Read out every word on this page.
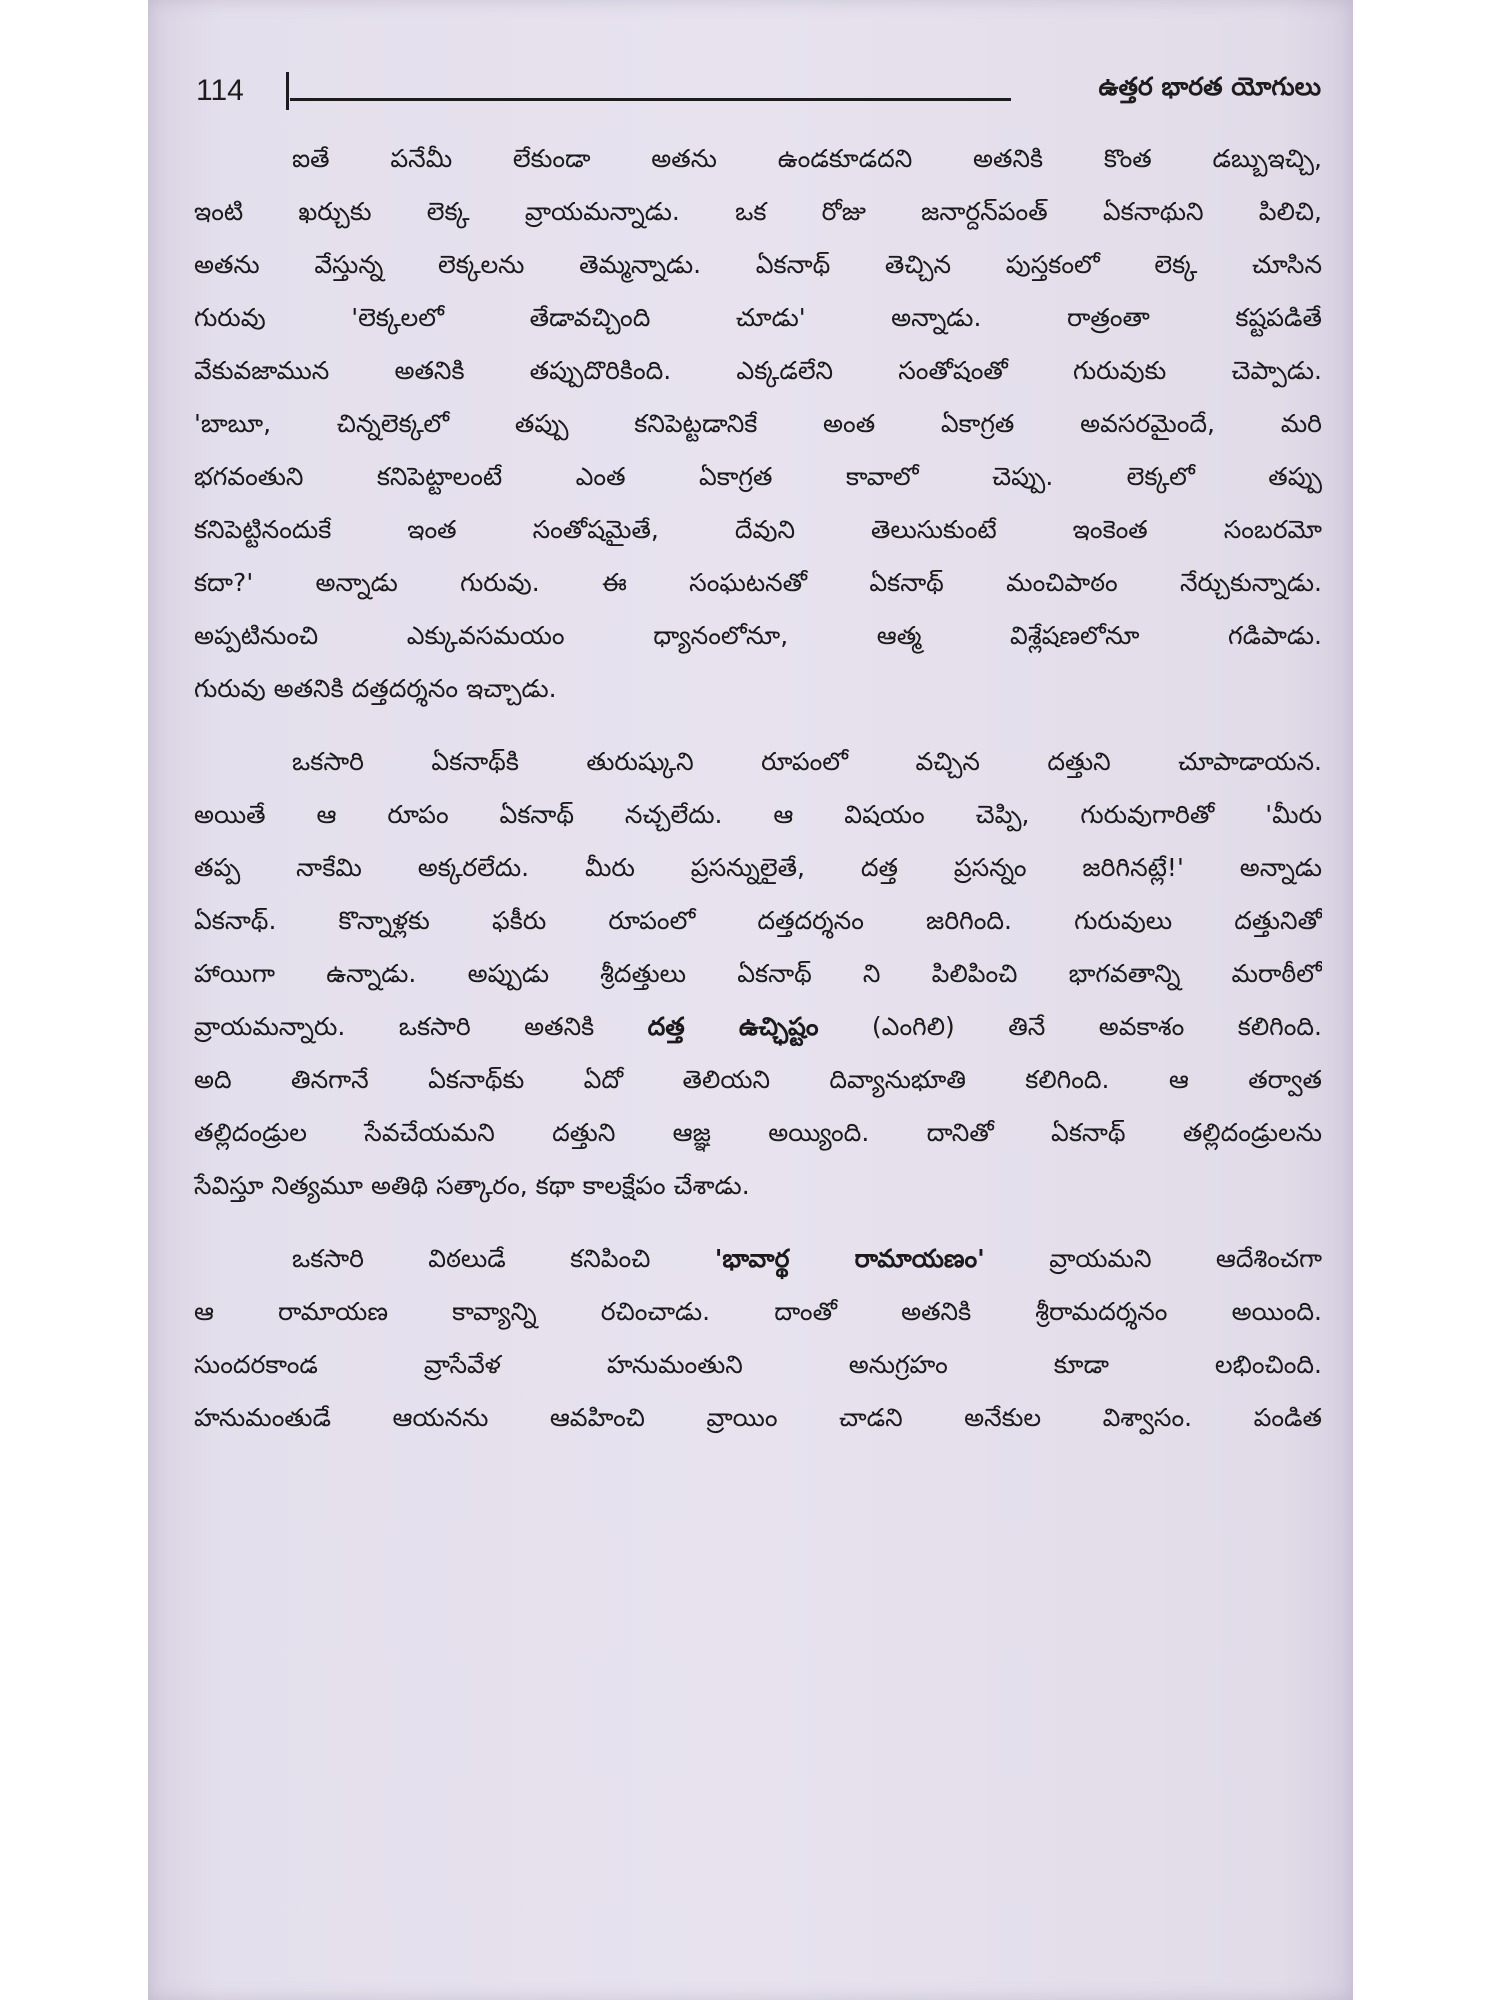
114	ఉత్తర భారత యోగులు
ఐతే పనేమీ లేకుండా అతను ఉండకూడదని అతనికి కొంత డబ్బుఇచ్చి,
ఇంటి ఖర్చుకు లెక్క వ్రాయమన్నాడు. ఒక రోజు జనార్దన్‌పంత్ ఏకనాథుని పిలిచి,
అతను వేస్తున్న లెక్కలను తెమ్మన్నాడు. ఏకనాథ్ తెచ్చిన పుస్తకంలో లెక్క చూసిన
గురువు 'లెక్కలలో తేడావచ్చింది చూడు' అన్నాడు. రాత్రంతా కష్టపడితే
వేకువజామున అతనికి తప్పుదొరికింది. ఎక్కడలేని సంతోషంతో గురువుకు చెప్పాడు.
'బాబూ, చిన్నలెక్కలో తప్పు కనిపెట్టడానికే అంత ఏకాగ్రత అవసరమైందే, మరి
భగవంతుని కనిపెట్టాలంటే ఎంత ఏకాగ్రత కావాలో చెప్పు. లెక్కలో తప్పు
కనిపెట్టినందుకే ఇంత సంతోషమైతే, దేవుని తెలుసుకుంటే ఇంకెంత సంబరమో
కదా?' అన్నాడు గురువు. ఈ సంఘటనతో ఏకనాథ్ మంచిపాఠం నేర్చుకున్నాడు.
అప్పటినుంచి ఎక్కువసమయం ధ్యానంలోనూ, ఆత్మ విశ్లేషణలోనూ గడిపాడు.
గురువు అతనికి దత్తదర్శనం ఇచ్చాడు.
ఒకసారి ఏకనాథ్‌కి తురుష్కుని రూపంలో వచ్చిన దత్తుని చూపాడాయన.
అయితే ఆ రూపం ఏకనాథ్ నచ్చలేదు. ఆ విషయం చెప్పి, గురువుగారితో 'మీరు
తప్ప నాకేమి అక్కరలేదు. మీరు ప్రసన్నులైతే, దత్త ప్రసన్నం జరిగినట్లే!' అన్నాడు
ఏకనాథ్. కొన్నాళ్లకు ఫకీరు రూపంలో దత్తదర్శనం జరిగింది. గురువులు దత్తునితో
హాయిగా ఉన్నాడు. అప్పుడు శ్రీదత్తులు ఏకనాథ్ ని పిలిపించి భాగవతాన్ని మరాఠీలో
వ్రాయమన్నారు. ఒకసారి అతనికి దత్త ఉచ్ఛిష్టం (ఎంగిలి) తినే అవకాశం కలిగింది.
అది తినగానే ఏకనాథ్‌కు ఏదో తెలియని దివ్యానుభూతి కలిగింది. ఆ తర్వాత
తల్లిదండ్రుల సేవచేయమని దత్తుని ఆజ్ఞ అయ్యింది. దానితో ఏకనాథ్ తల్లిదండ్రులను
సేవిస్తూ నిత్యమూ అతిథి సత్కారం, కథా కాలక్షేపం చేశాడు.
ఒకసారి విఠలుడే కనిపించి 'భావార్థ రామాయణం' వ్రాయమని ఆదేశించగా
ఆ రామాయణ కావ్యాన్ని రచించాడు. దాంతో అతనికి శ్రీరామదర్శనం అయింది.
సుందరకాండ వ్రాసేవేళ హనుమంతుని అనుగ్రహం కూడా లభించింది.
హనుమంతుడే ఆయనను ఆవహించి వ్రాయిం చాడని అనేకుల విశ్వాసం. పండిత
